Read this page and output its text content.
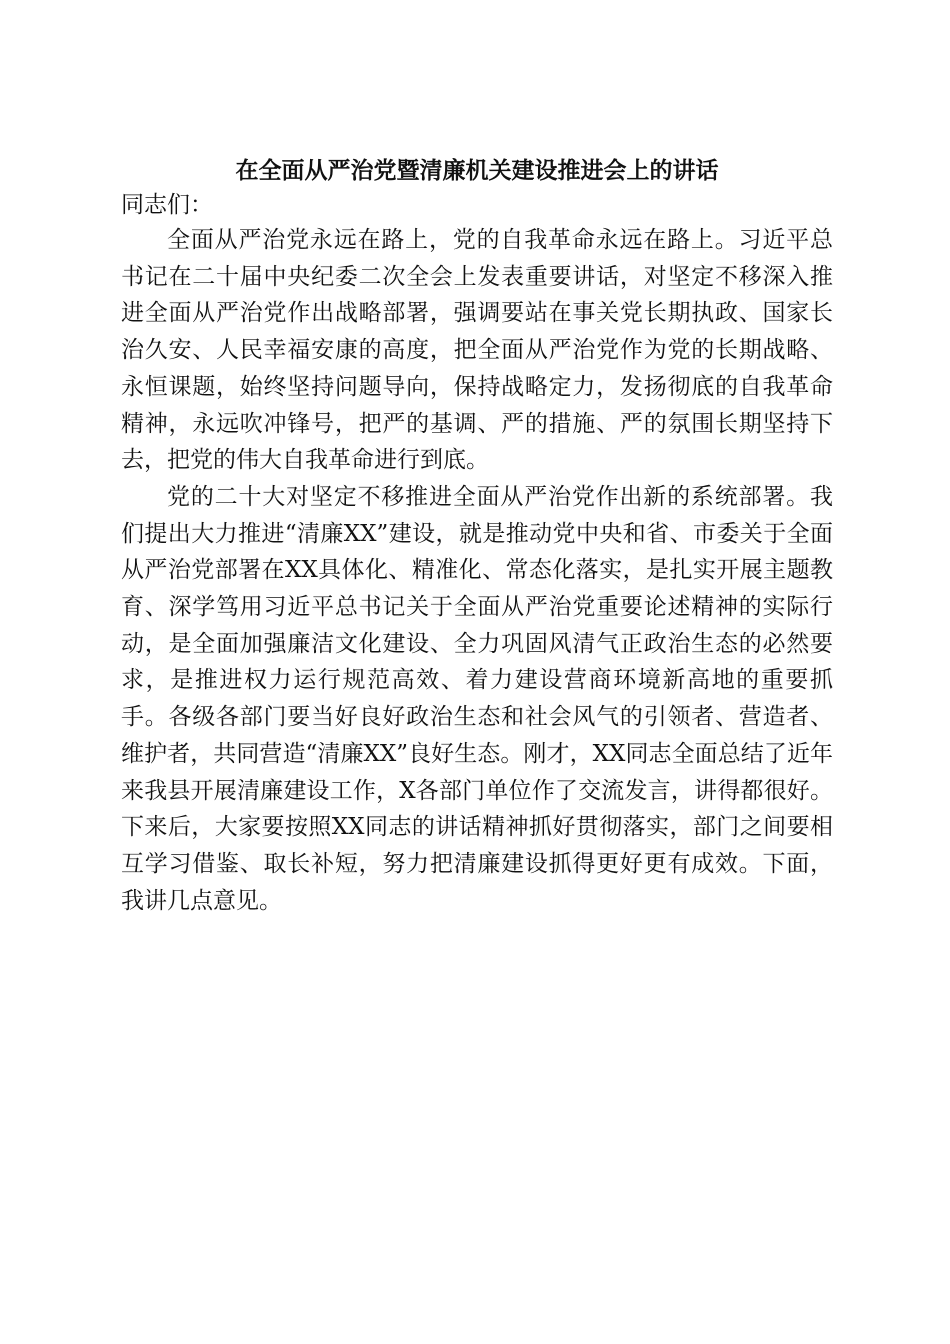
在全面从严治党暨清廉机关建设推进会上的讲话

同志们：

全面从严治党永远在路上，党的自我革命永远在路上。习近平总书记在二十届中央纪委二次全会上发表重要讲话，对坚定不移深入推进全面从严治党作出战略部署，强调要站在事关党长期执政、国家长治久安、人民幸福安康的高度，把全面从严治党作为党的长期战略、永恒课题，始终坚持问题导向，保持战略定力，发扬彻底的自我革命精神，永远吹冲锋号，把严的基调、严的措施、严的氛围长期坚持下去，把党的伟大自我革命进行到底。

党的二十大对坚定不移推进全面从严治党作出新的系统部署。我们提出大力推进“清廉XX”建设，就是推动党中央和省、市委关于全面从严治党部署在XX具体化、精准化、常态化落实，是扎实开展主题教育、深学笃用习近平总书记关于全面从严治党重要论述精神的实际行动，是全面加强廉洁文化建设、全力巩固风清气正政治生态的必然要求，是推进权力运行规范高效、着力建设营商环境新高地的重要抓手。各级各部门要当好良好政治生态和社会风气的引领者、营造者、维护者，共同营造“清廉XX”良好生态。刚才，XX同志全面总结了近年来我县开展清廉建设工作，X各部门单位作了交流发言，讲得都很好。下来后，大家要按照XX同志的讲话精神抓好贯彻落实，部门之间要相互学习借鉴、取长补短，努力把清廉建设抓得更好更有成效。下面，我讲几点意见。
